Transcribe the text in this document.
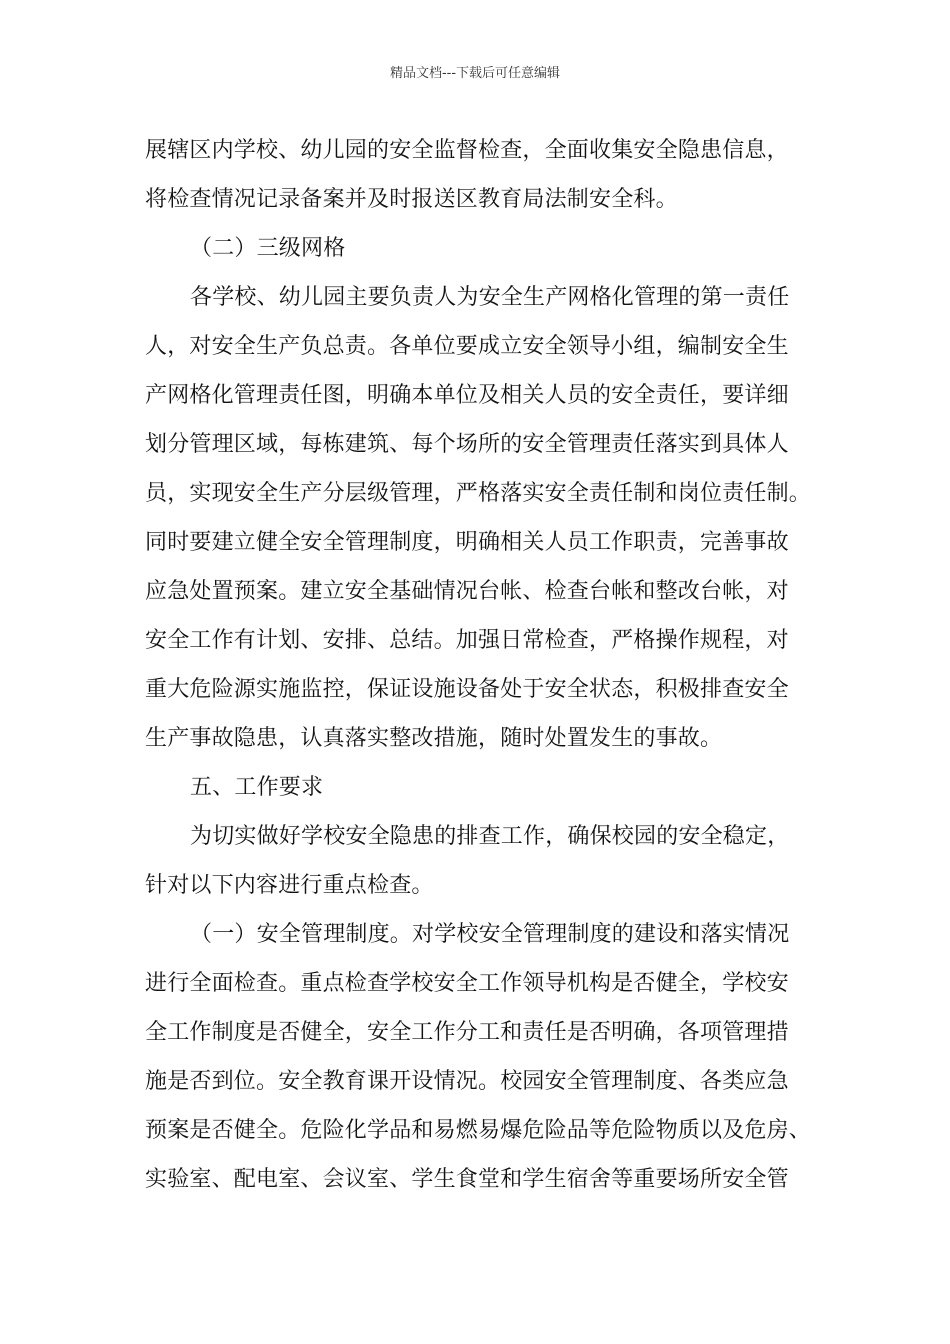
精品文档---下载后可任意编辑
展辖区内学校、幼儿园的安全监督检查，全面收集安全隐患信息，
将检查情况记录备案并及时报送区教育局法制安全科。
（二）三级网格
各学校、幼儿园主要负责人为安全生产网格化管理的第一责任
人，对安全生产负总责。各单位要成立安全领导小组，编制安全生
产网格化管理责任图，明确本单位及相关人员的安全责任，要详细
划分管理区域，每栋建筑、每个场所的安全管理责任落实到具体人
员，实现安全生产分层级管理，严格落实安全责任制和岗位责任制。
同时要建立健全安全管理制度，明确相关人员工作职责，完善事故
应急处置预案。建立安全基础情况台帐、检查台帐和整改台帐，对
安全工作有计划、安排、总结。加强日常检查，严格操作规程，对
重大危险源实施监控，保证设施设备处于安全状态，积极排查安全
生产事故隐患，认真落实整改措施，随时处置发生的事故。
五、工作要求
为切实做好学校安全隐患的排查工作，确保校园的安全稳定，
针对以下内容进行重点检查。
（一）安全管理制度。对学校安全管理制度的建设和落实情况
进行全面检查。重点检查学校安全工作领导机构是否健全，学校安
全工作制度是否健全，安全工作分工和责任是否明确，各项管理措
施是否到位。安全教育课开设情况。校园安全管理制度、各类应急
预案是否健全。危险化学品和易燃易爆危险品等危险物质以及危房、
实验室、配电室、会议室、学生食堂和学生宿舍等重要场所安全管
